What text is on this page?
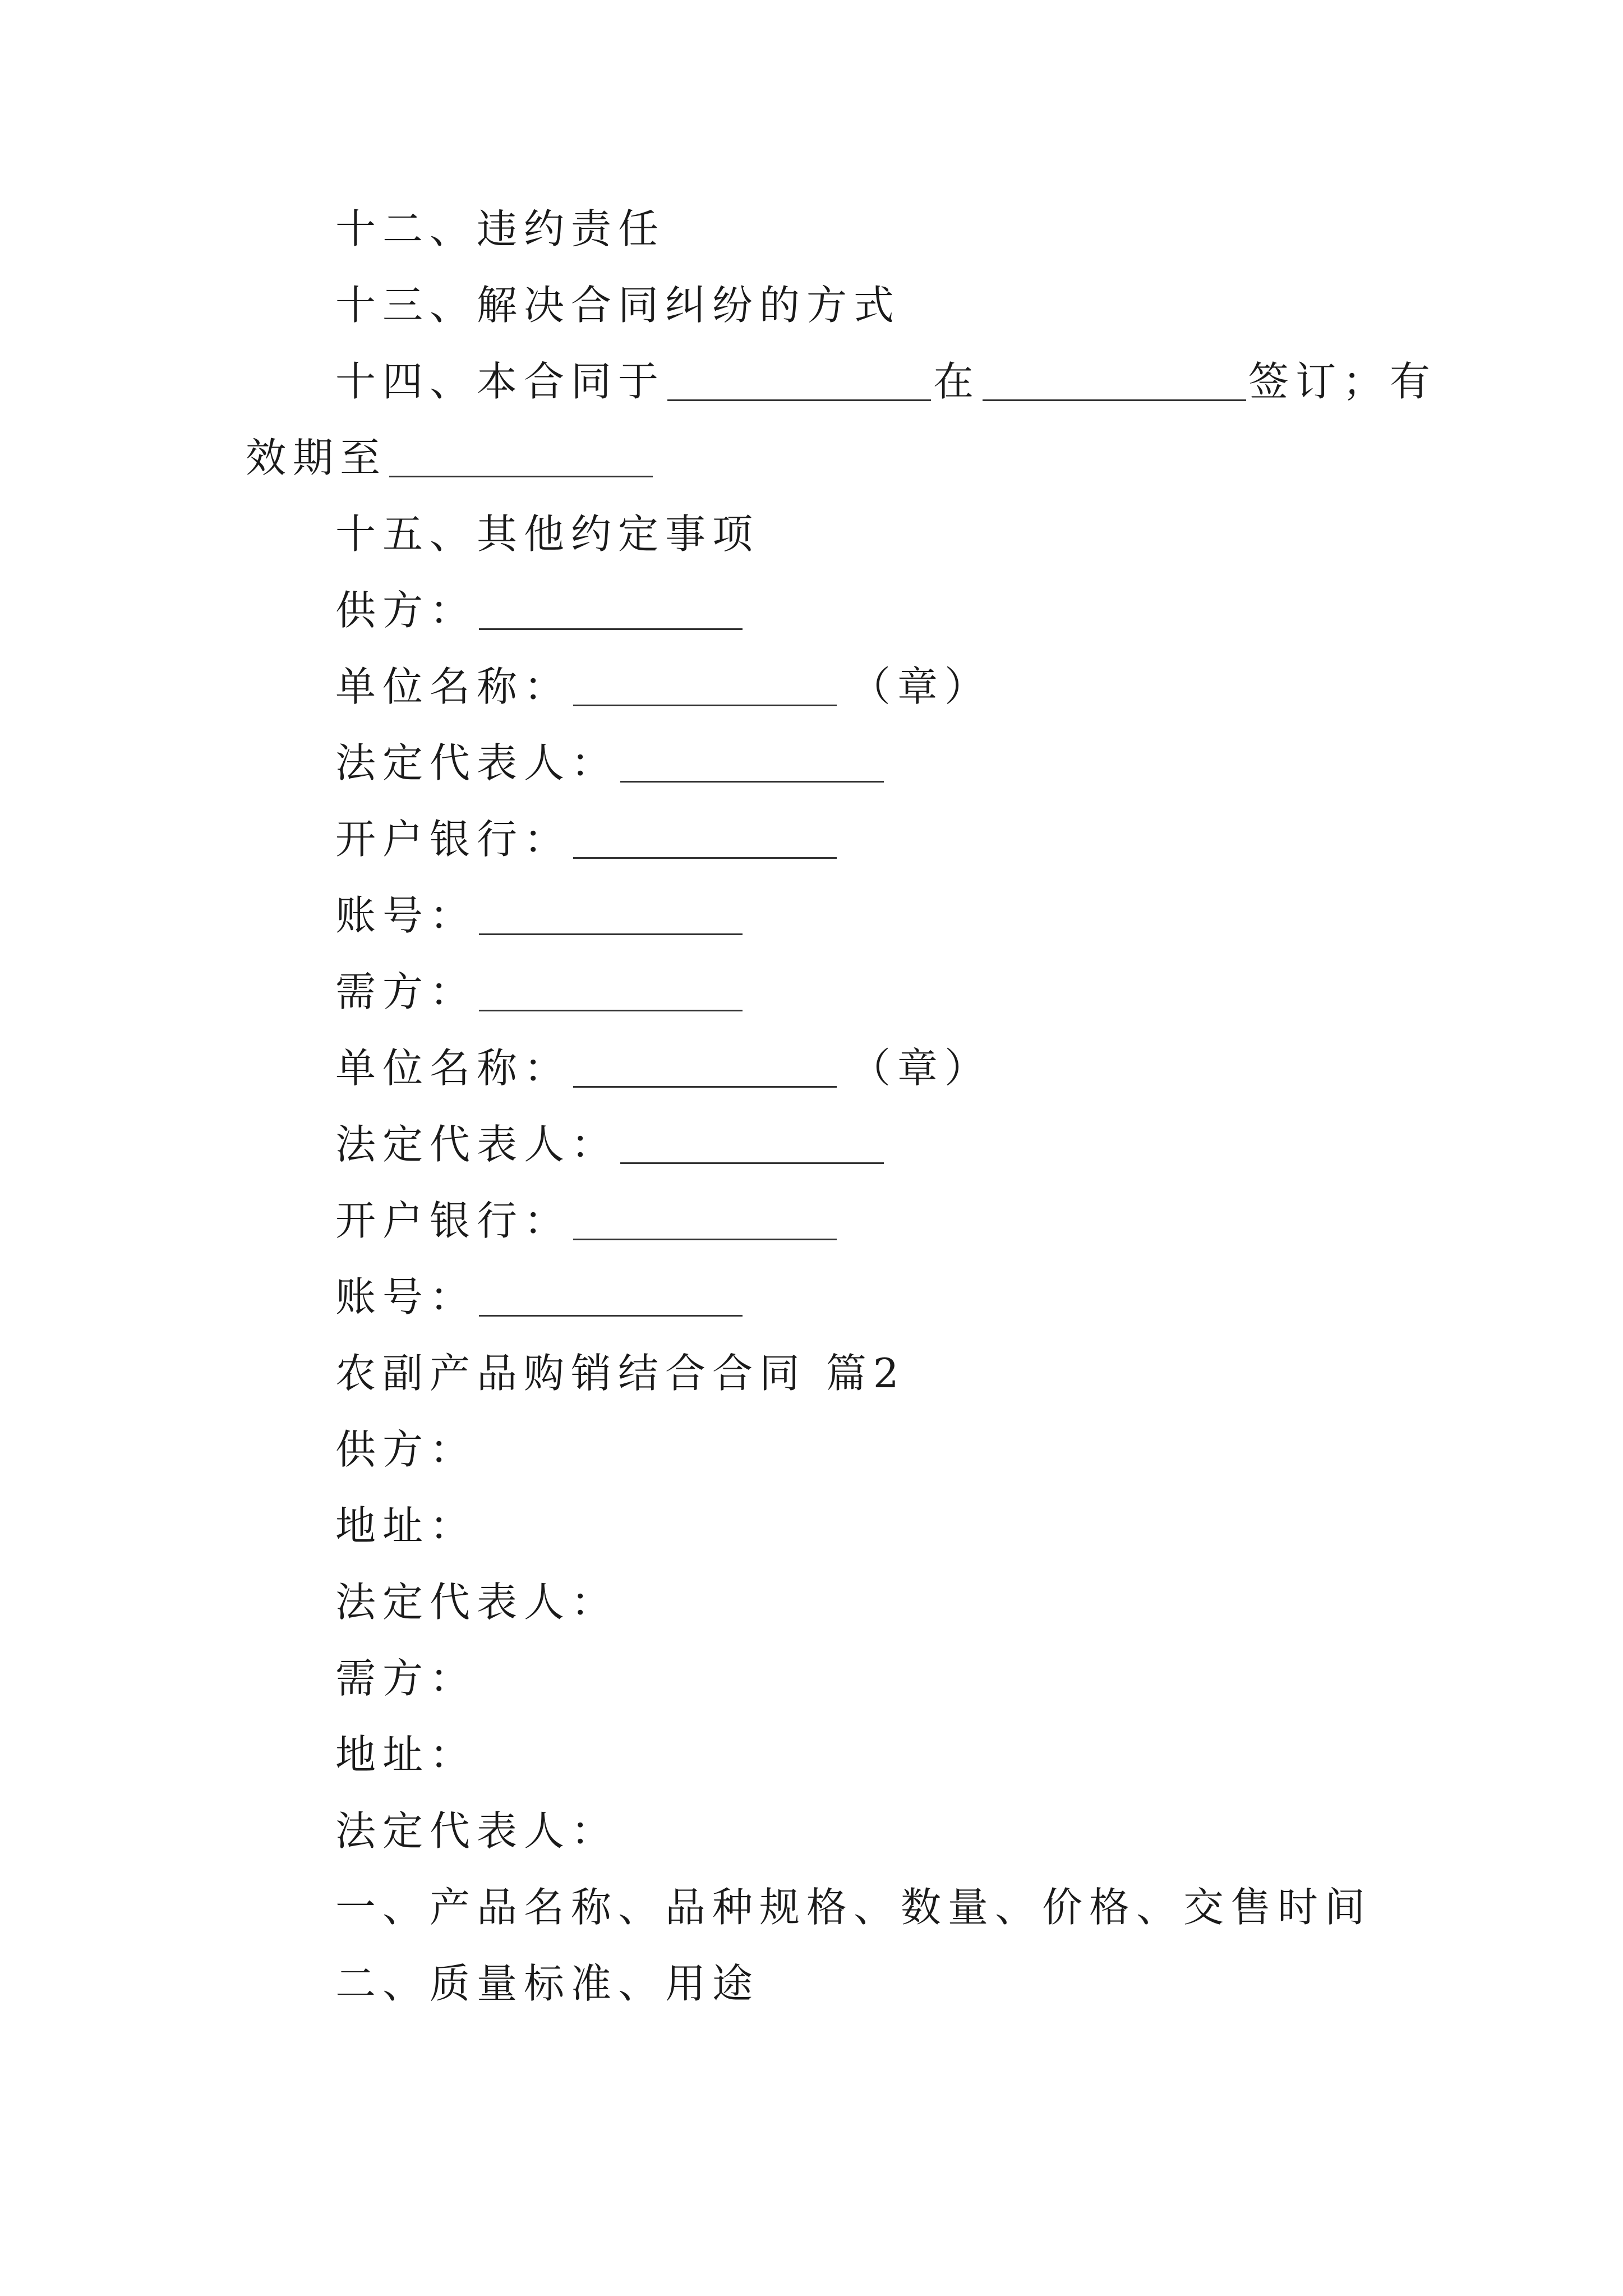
十二、违约责任
十三、解决合同纠纷的方式
十四、本合同于	在	签订；有
效期至
十五、其他约定事项
供方：
单位名称：	（章）
法定代表人：
开户银行：
账号：
需方：
单位名称：	（章）
法定代表人：
开户银行：
账号：
农副产品购销结合合同 篇2
供方：
地址：
法定代表人：
需方：
地址：
法定代表人：
一、产品名称、品种规格、数量、价格、交售时间
二、质量标准、用途
